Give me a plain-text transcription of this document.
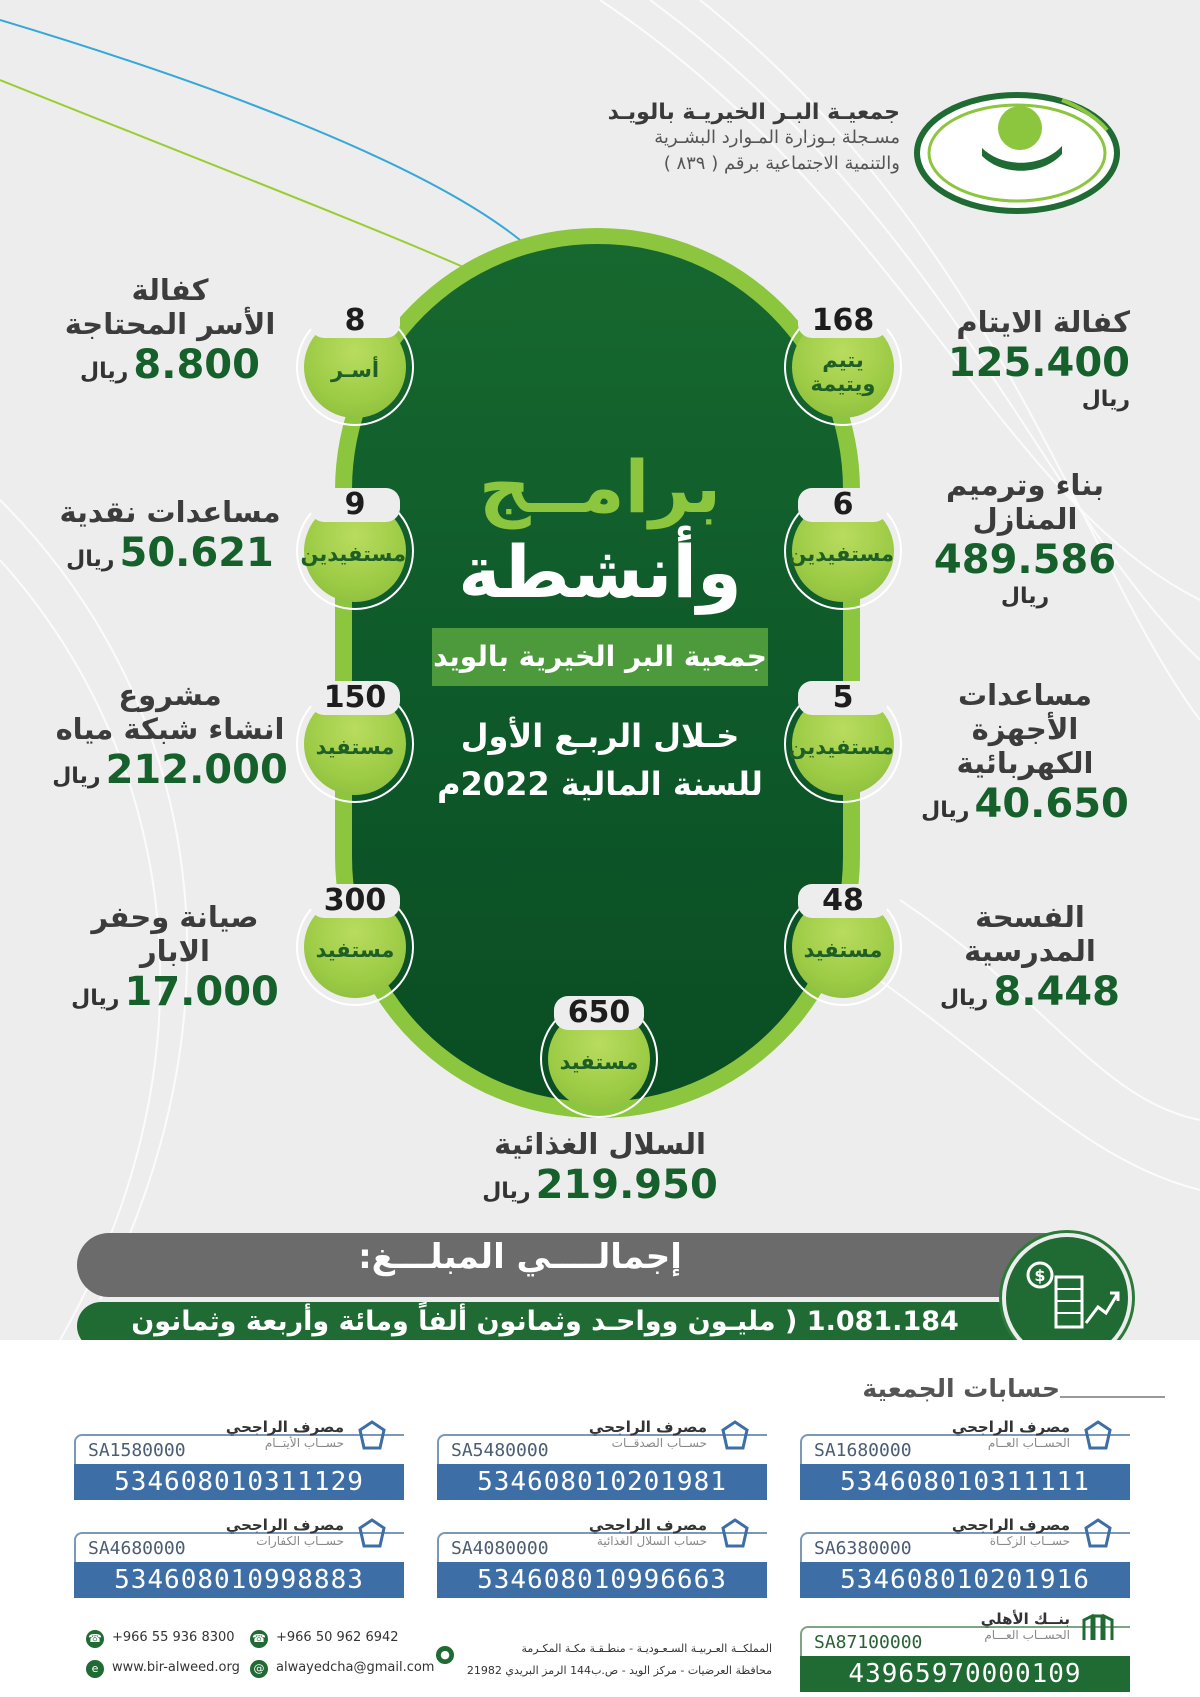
جمعيـة البـر الخيريـة بالويـد
مسـجلة بـوزارة المـوارد البشـرية
والتنمية الاجتماعية برقم ( ٨٣٩ )
برامــج
وأنشطة
جمعية البر الخيرية بالويد
خـلال الربـع الأول
للسنة المالية 2022م
168
يتيم
ويتيمة
كفالة الايتام
125.400 ريال
6
مستفيدين
بناء وترميم
المنازل
489.586 ريال
5
مستفيدين
مساعدات
الأجهزة الكهربائية
40.650 ريال
48
مستفيد
الفسحة المدرسية
8.448 ريال
8
أسـر
كفالة
الأسر المحتاجة
8.800 ريال
9
مستفيدين
مساعدات نقدية
50.621 ريال
150
مستفيد
مشروع
انشاء شبكة مياه
212.000 ريال
300
مستفيد
صيانة وحفر الابار
17.000 ريال	650
مستفيد
السلال الغذائية
219.950 ريال
إجمالــــي المبلـــغ:
1.081.184 ( مليـون وواحـد وثمانون ألفاً ومائة وأربعة وثمانون
$
حسابات الجمعية
مصرف الراجحي
الحســاب العــام
SA1680000
534608010311111
مصرف الراجحي
حســاب الصدقــات
SA5480000
534608010201981
مصرف الراجحي
حســاب الأيتــام
SA1580000
534608010311129
مصرف الراجحي
حســاب الزكــاة
SA6380000
534608010201916
مصرف الراجحي
حساب السلال الغذائية
SA4080000
534608010996663
مصرف الراجحي
حســاب الكفارات
SA4680000
534608010998883
بنــك الأهلي
الحســاب العـــام
SA87100000
43965970000109
☎ +966 55 936 8300 ☎ +966 50 962 6942
e	www.bir-alweed.org	@ alwayedcha@gmail.com
●	المملكــة العـربيـة السـعـوديـة - منطـقـة مكـة المكـرمة
محافظة العرضيات - مركز الويد - ص.ب144 الرمز البريدي 21982
